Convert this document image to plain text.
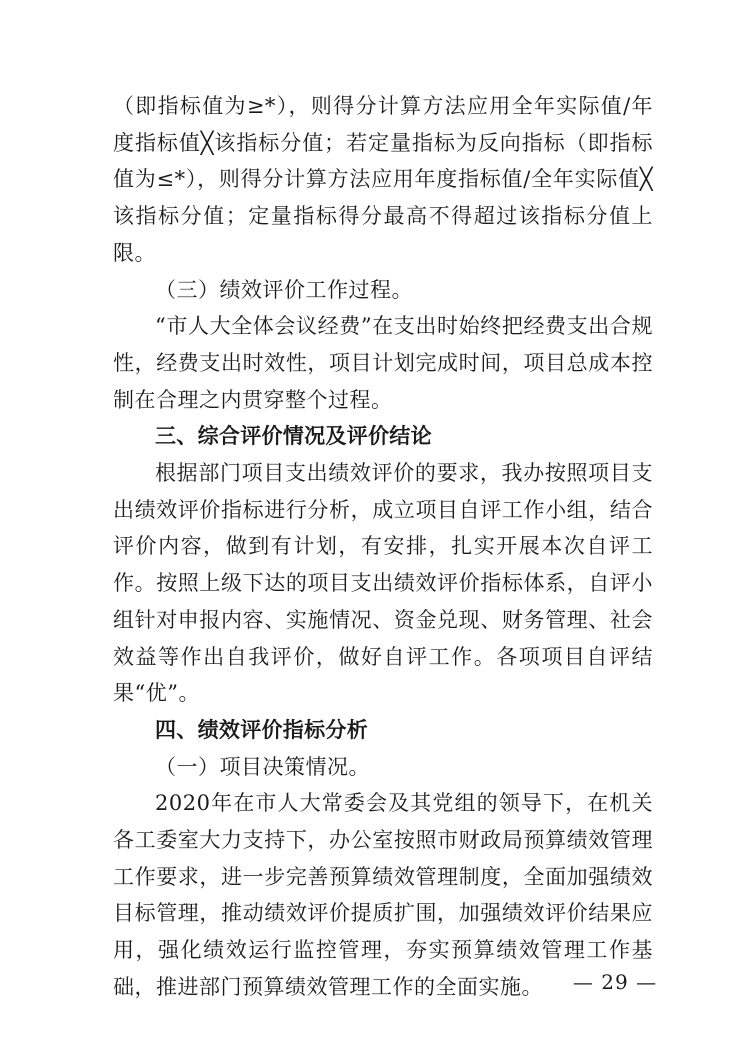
（即指标值为≥*），则得分计算方法应用全年实际值/年度指标值╳该指标分值；若定量指标为反向指标（即指标值为≤*），则得分计算方法应用年度指标值/全年实际值╳该指标分值；定量指标得分最高不得超过该指标分值上限。

（三）绩效评价工作过程。

“市人大全体会议经费”在支出时始终把经费支出合规性，经费支出时效性，项目计划完成时间，项目总成本控制在合理之内贯穿整个过程。

三、综合评价情况及评价结论

根据部门项目支出绩效评价的要求，我办按照项目支出绩效评价指标进行分析，成立项目自评工作小组，结合评价内容，做到有计划，有安排，扎实开展本次自评工作。按照上级下达的项目支出绩效评价指标体系，自评小组针对申报内容、实施情况、资金兑现、财务管理、社会效益等作出自我评价，做好自评工作。各项项目自评结果“优”。

四、绩效评价指标分析

（一）项目决策情况。

2020年在市人大常委会及其党组的领导下，在机关各工委室大力支持下，办公室按照市财政局预算绩效管理工作要求，进一步完善预算绩效管理制度，全面加强绩效目标管理，推动绩效评价提质扩围，加强绩效评价结果应用，强化绩效运行监控管理，夯实预算绩效管理工作基础，推进部门预算绩效管理工作的全面实施。	— 29 —
